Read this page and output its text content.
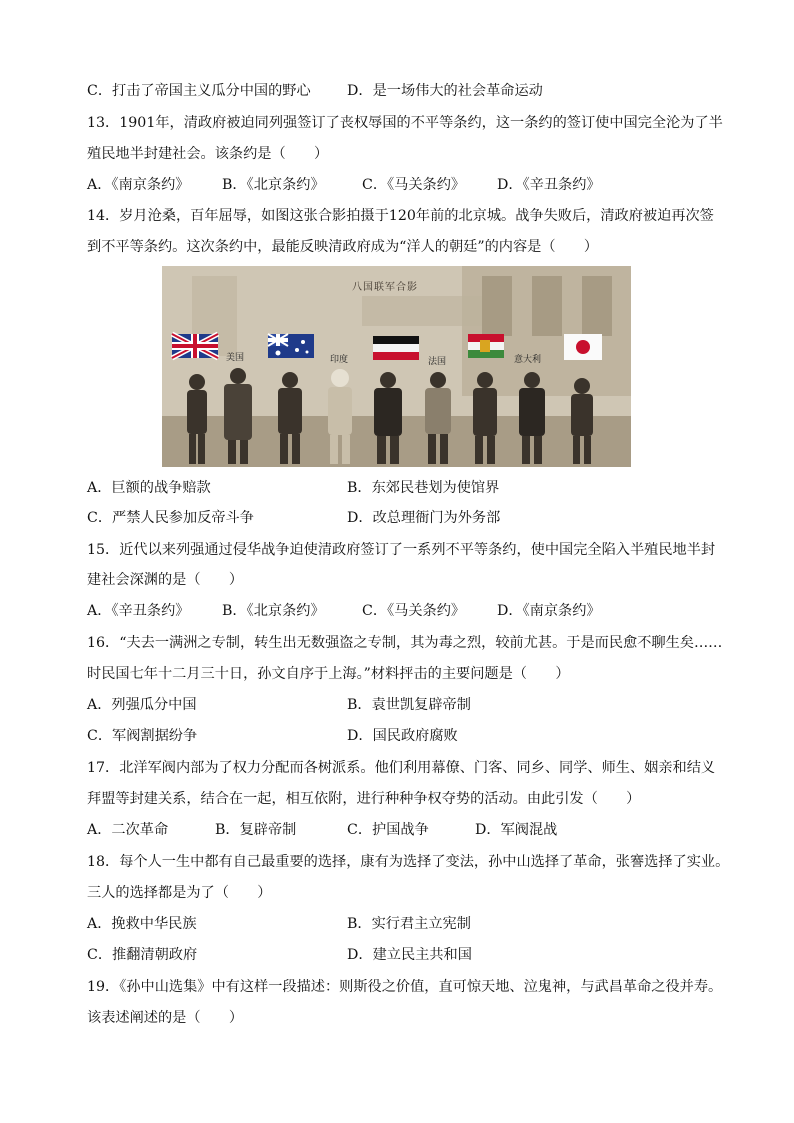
C．打击了帝国主义瓜分中国的野心	D．是一场伟大的社会革命运动
13．1901年，清政府被迫同列强签订了丧权辱国的不平等条约，这一条约的签订使中国完全沦为了半
殖民地半封建社会。该条约是（　　）
A．《南京条约》 B．《北京条约》	C．《马关条约》 D．《辛丑条约》
14．岁月沧桑，百年屈辱，如图这张合影拍摄于120年前的北京城。战争失败后，清政府被迫再次签
到不平等条约。这次条约中，最能反映清政府成为“洋人的朝廷”的内容是（　　）
八国联军合影
美国	印度	法国	意大利
A．巨额的战争赔款	B．东郊民巷划为使馆界
C．严禁人民参加反帝斗争	D．改总理衙门为外务部
15．近代以来列强通过侵华战争迫使清政府签订了一系列不平等条约，使中国完全陷入半殖民地半封
建社会深渊的是（　　）
A．《辛丑条约》 B．《北京条约》	C．《马关条约》 D．《南京条约》
16．“夫去一满洲之专制，转生出无数强盗之专制，其为毒之烈，较前尤甚。于是而民愈不聊生矣……
时民国七年十二月三十日，孙文自序于上海。”材料抨击的主要问题是（　　）
A．列强瓜分中国	B．袁世凯复辟帝制
C．军阀割据纷争	D．国民政府腐败
17．北洋军阀内部为了权力分配而各树派系。他们利用幕僚、门客、同乡、同学、师生、姻亲和结义
拜盟等封建关系，结合在一起，相互依附，进行种种争权夺势的活动。由此引发（　　）
A．二次革命	B．复辟帝制	C．护国战争	D．军阀混战
18．每个人一生中都有自己最重要的选择，康有为选择了变法，孙中山选择了革命，张謇选择了实业。
三人的选择都是为了（　　）
A．挽救中华民族	B．实行君主立宪制
C．推翻清朝政府	D．建立民主共和国
19．《孙中山选集》中有这样一段描述：则斯役之价值，直可惊天地、泣鬼神，与武昌革命之役并寿。
该表述阐述的是（　　）
